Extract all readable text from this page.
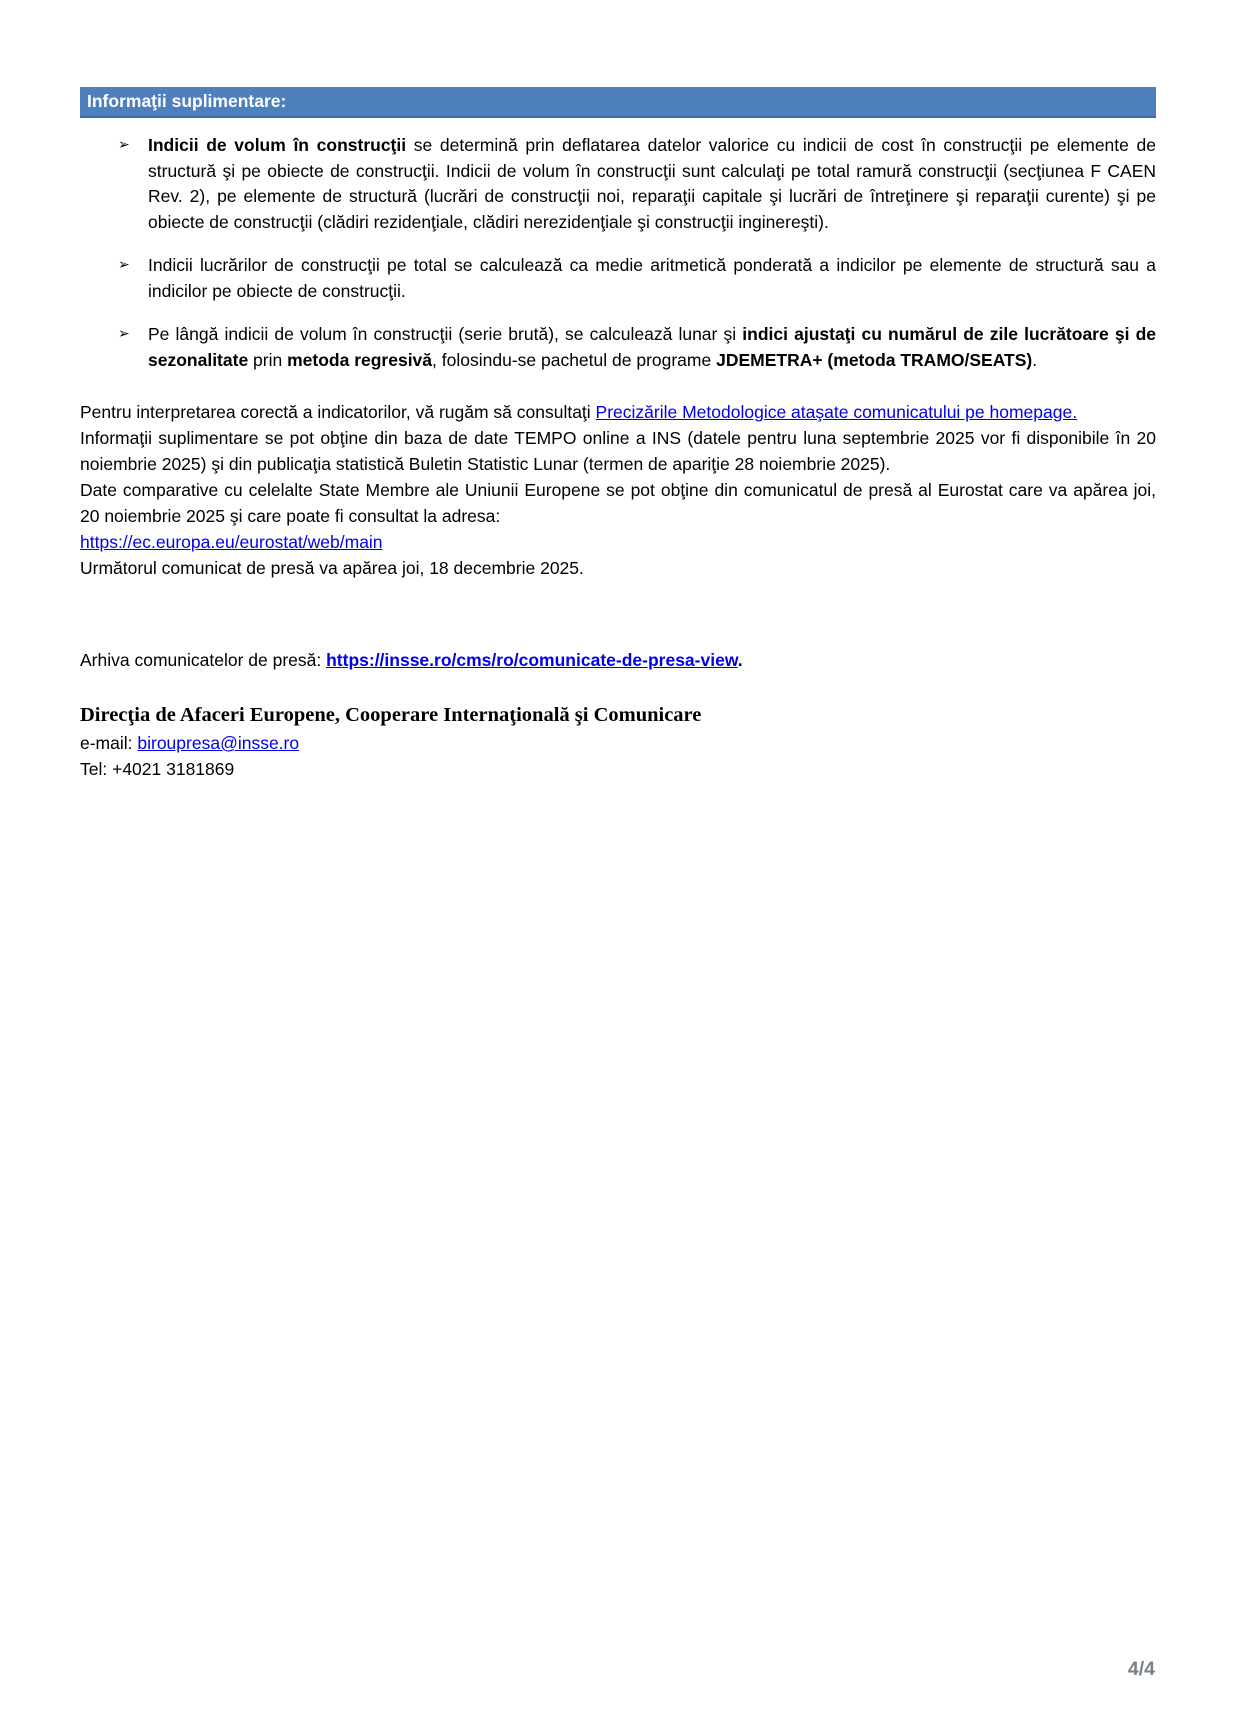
Informaţii suplimentare:
➢	Indicii de volum în construcţii se determină prin deflatarea datelor valorice cu indicii de cost în construcţii pe elemente de structură şi pe obiecte de construcţii. Indicii de volum în construcţii sunt calculaţi pe total ramură construcţii (secţiunea F CAEN Rev. 2), pe elemente de structură (lucrări de construcţii noi, reparaţii capitale şi lucrări de întreţinere şi reparaţii curente) şi pe obiecte de construcţii (clădiri rezidenţiale, clădiri nerezidenţiale şi construcţii inginereşti).
➢	Indicii lucrărilor de construcţii pe total se calculează ca medie aritmetică ponderată a indicilor pe elemente de structură sau a indicilor pe obiecte de construcţii.
➢	Pe lângă indicii de volum în construcţii (serie brută), se calculează lunar şi indici ajustaţi cu numărul de zile lucrătoare şi de sezonalitate prin metoda regresivă, folosindu-se pachetul de programe JDEMETRA+ (metoda TRAMO/SEATS).

Pentru interpretarea corectă a indicatorilor, vă rugăm să consultaţi Precizările Metodologice ataşate comunicatului pe homepage.

Informaţii suplimentare se pot obţine din baza de date TEMPO online a INS (datele pentru luna septembrie 2025 vor fi disponibile în 20 noiembrie 2025) şi din publicaţia statistică Buletin Statistic Lunar (termen de apariţie 28 noiembrie 2025).

Date comparative cu celelalte State Membre ale Uniunii Europene se pot obţine din comunicatul de presă al Eurostat care va apărea joi, 20 noiembrie 2025 şi care poate fi consultat la adresa:
https://ec.europa.eu/eurostat/web/main

Următorul comunicat de presă va apărea joi, 18 decembrie 2025.

Arhiva comunicatelor de presă: https://insse.ro/cms/ro/comunicate-de-presa-view.

Direcţia de Afaceri Europene, Cooperare Internaţională şi Comunicare
e-mail: biroupresa@insse.ro
Tel: +4021 3181869
4/4
